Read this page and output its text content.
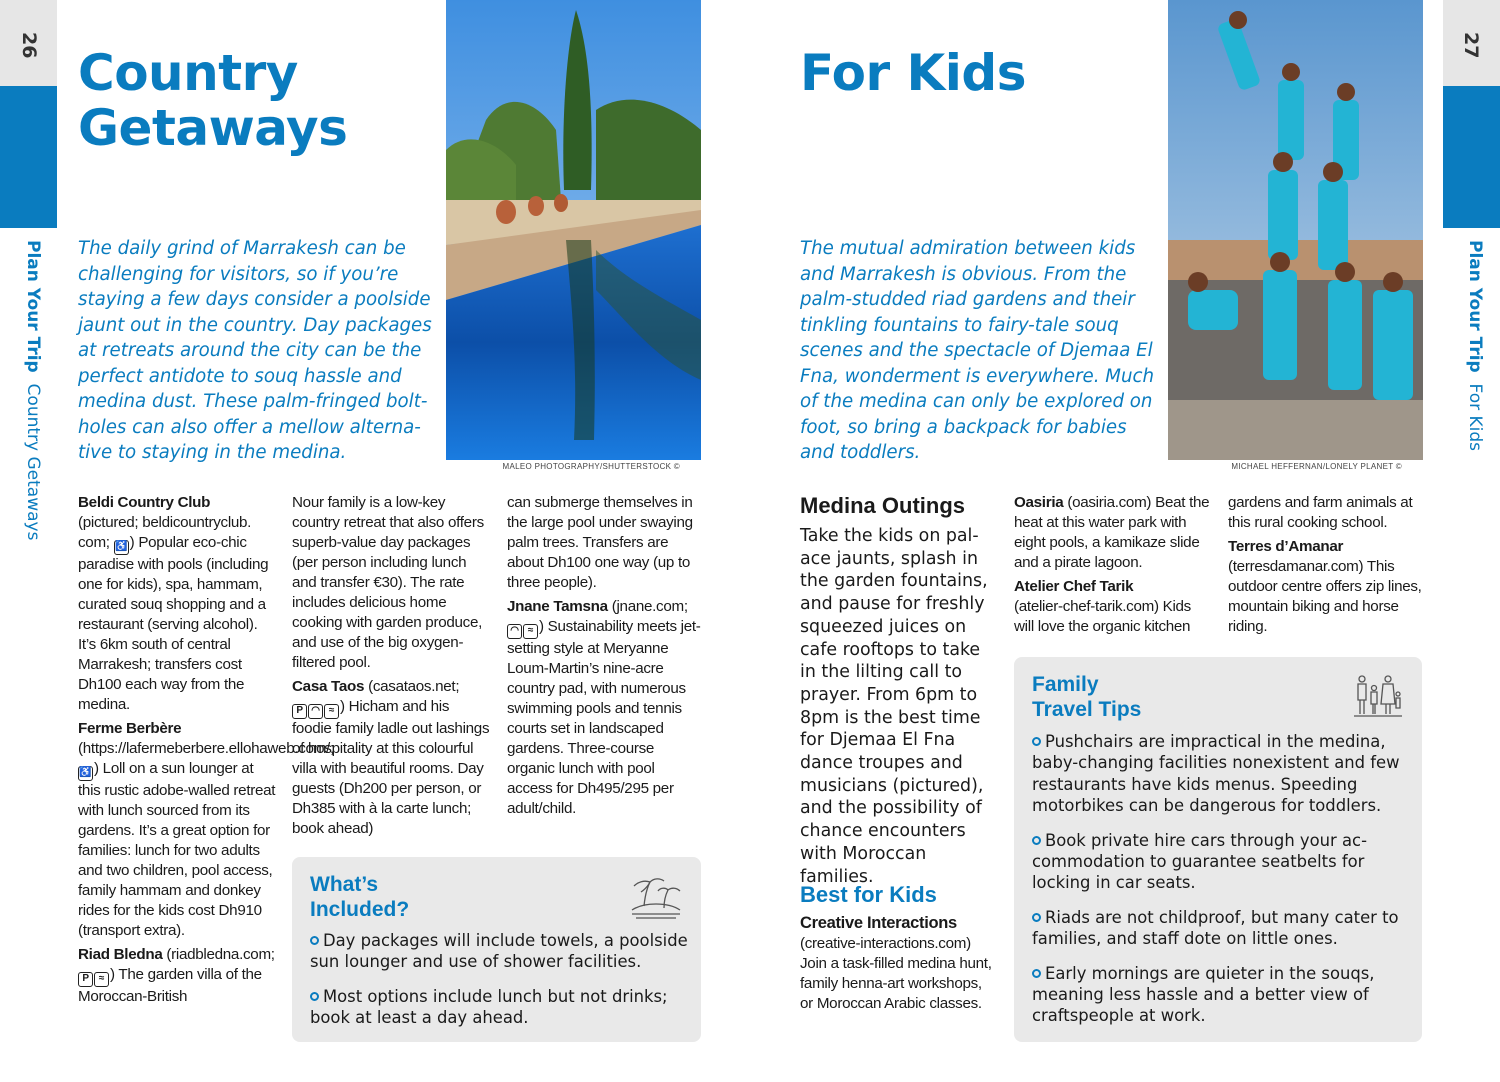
26
Plan Your Trip  Country Getaways
Country
Getaways
The daily grind of Marrakesh can be
challenging for visitors, so if you’re
staying a few days consider a poolside
jaunt out in the country. Day packages
at retreats around the city can be the
perfect antidote to souq hassle and
medina dust. These palm-fringed bolt-
holes can also offer a mellow alterna-
tive to staying in the medina.
MALEO PHOTOGRAPHY/SHUTTERSTOCK ©

Beldi Country Club
(pictured; beldicountryclub. com; ♿ ) Popular eco-chic paradise with pools (including one for kids), spa, hammam, curated souq shopping and a restaurant (serving alcohol). It’s 6km south of central Marrakesh; transfers cost Dh100 each way from the medina.

Ferme Berbère (https://lafermeberbere.ellohaweb.com/; ♿ ) Loll on a sun lounger at this rustic adobe-walled retreat with lunch sourced from its gardens. It’s a great option for families: lunch for two adults and two children, pool access, family hammam and donkey rides for the kids cost Dh910 (transport extra).

Riad Bledna (riadbledna.com; P ≈ ) The garden villa of the Moroccan-British

Nour family is a low-key country retreat that also offers superb-value day packages (per person including lunch and transfer €30). The rate includes delicious home cooking with garden produce, and use of the big oxygen-filtered pool.

Casa Taos (casataos.net;
P ◠ ≈ ) Hicham and his foodie family ladle out lashings of hospitality at this colourful villa with beautiful rooms. Day guests (Dh200 per person, or Dh385 with à la carte lunch; book ahead)

can submerge themselves in the large pool under swaying palm trees. Transfers are about Dh100 one way (up to three people).

Jnane Tamsna (jnane.com; ◠ ≈ ) Sustainability meets jet-setting style at Meryanne Loum-Martin’s nine-acre country pad, with numerous swimming pools and tennis courts set in landscaped gardens. Three-course organic lunch with pool access for Dh495/295 per adult/child.

What’s
Included?

Day packages will include towels, a poolside sun lounger and use of shower facilities.

Most options include lunch but not drinks; book at least a day ahead.

27
Plan Your Trip  For Kids
For Kids
The mutual admiration between kids
and Marrakesh is obvious. From the
palm-studded riad gardens and their
tinkling fountains to fairy-tale souq
scenes and the spectacle of Djemaa El
Fna, wonderment is everywhere. Much
of the medina can only be explored on
foot, so bring a backpack for babies
and toddlers.
MICHAEL HEFFERNAN/LONELY PLANET ©
Medina Outings
Take the kids on palace jaunts, splash in the garden fountains, and pause for freshly squeezed juices on cafe rooftops to take in the lilting call to prayer. From 6pm to 8pm is the best time for Djemaa El Fna dance troupes and musicians (pictured), and the possibility of chance encounters with Moroccan families.
Best for Kids

Creative Interactions
(creative-interactions.com) Join a task-filled medina hunt, family henna-art workshops, or Moroccan Arabic classes.

Oasiria (oasiria.com) Beat the heat at this water park with eight pools, a kamikaze slide and a pirate lagoon.

Atelier Chef Tarik
(atelier-chef-tarik.com) Kids will love the organic kitchen

gardens and farm animals at this rural cooking school.

Terres d’Amanar
(terresdamanar.com) This outdoor centre offers zip lines, mountain biking and horse riding.

Family
Travel Tips

Pushchairs are impractical in the medina, baby-changing facilities nonexistent and few restaurants have kids menus. Speeding motorbikes can be dangerous for toddlers.

Book private hire cars through your accommodation to guarantee seatbelts for locking in car seats.

Riads are not childproof, but many cater to families, and staff dote on little ones.

Early mornings are quieter in the souqs, meaning less hassle and a better view of craftspeople at work.
